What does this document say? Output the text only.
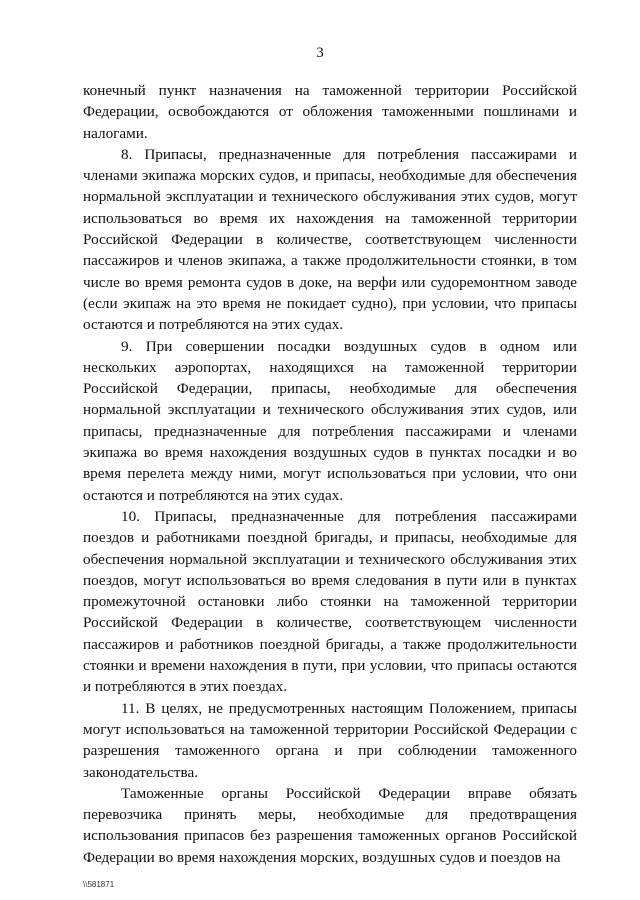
3

конечный пункт назначения на таможенной территории Российской Федерации, освобождаются от обложения таможенными пошлинами и налогами.

8. Припасы, предназначенные для потребления пассажирами и членами экипажа морских судов, и припасы, необходимые для обеспечения нормальной эксплуатации и технического обслуживания этих судов, могут использоваться во время их нахождения на таможенной территории Российской Федерации в количестве, соответствующем численности пассажиров и членов экипажа, а также продолжительности стоянки, в том числе во время ремонта судов в доке, на верфи или судоремонтном заводе (если экипаж на это время не покидает судно), при условии, что припасы остаются и потребляются на этих судах.

9. При совершении посадки воздушных судов в одном или нескольких аэропортах, находящихся на таможенной территории Российской Федерации, припасы, необходимые для обеспечения нормальной эксплуатации и технического обслуживания этих судов, или припасы, предназначенные для потребления пассажирами и членами экипажа во время нахождения воздушных судов в пунктах посадки и во время перелета между ними, могут использоваться при условии, что они остаются и потребляются на этих судах.

10. Припасы, предназначенные для потребления пассажирами поездов и работниками поездной бригады, и припасы, необходимые для обеспечения нормальной эксплуатации и технического обслуживания этих поездов, могут использоваться во время следования в пути или в пунктах промежуточной остановки либо стоянки на таможенной территории Российской Федерации в количестве, соответствующем численности пассажиров и работников поездной бригады, а также продолжительности стоянки и времени нахождения в пути, при условии, что припасы остаются и потребляются в этих поездах.

11. В целях, не предусмотренных настоящим Положением, припасы могут использоваться на таможенной территории Российской Федерации с разрешения таможенного органа и при соблюдении таможенного законодательства.

Таможенные органы Российской Федерации вправе обязать перевозчика принять меры, необходимые для предотвращения использования припасов без разрешения таможенных органов Российской Федерации во время нахождения морских, воздушных судов и поездов на

\\581871
